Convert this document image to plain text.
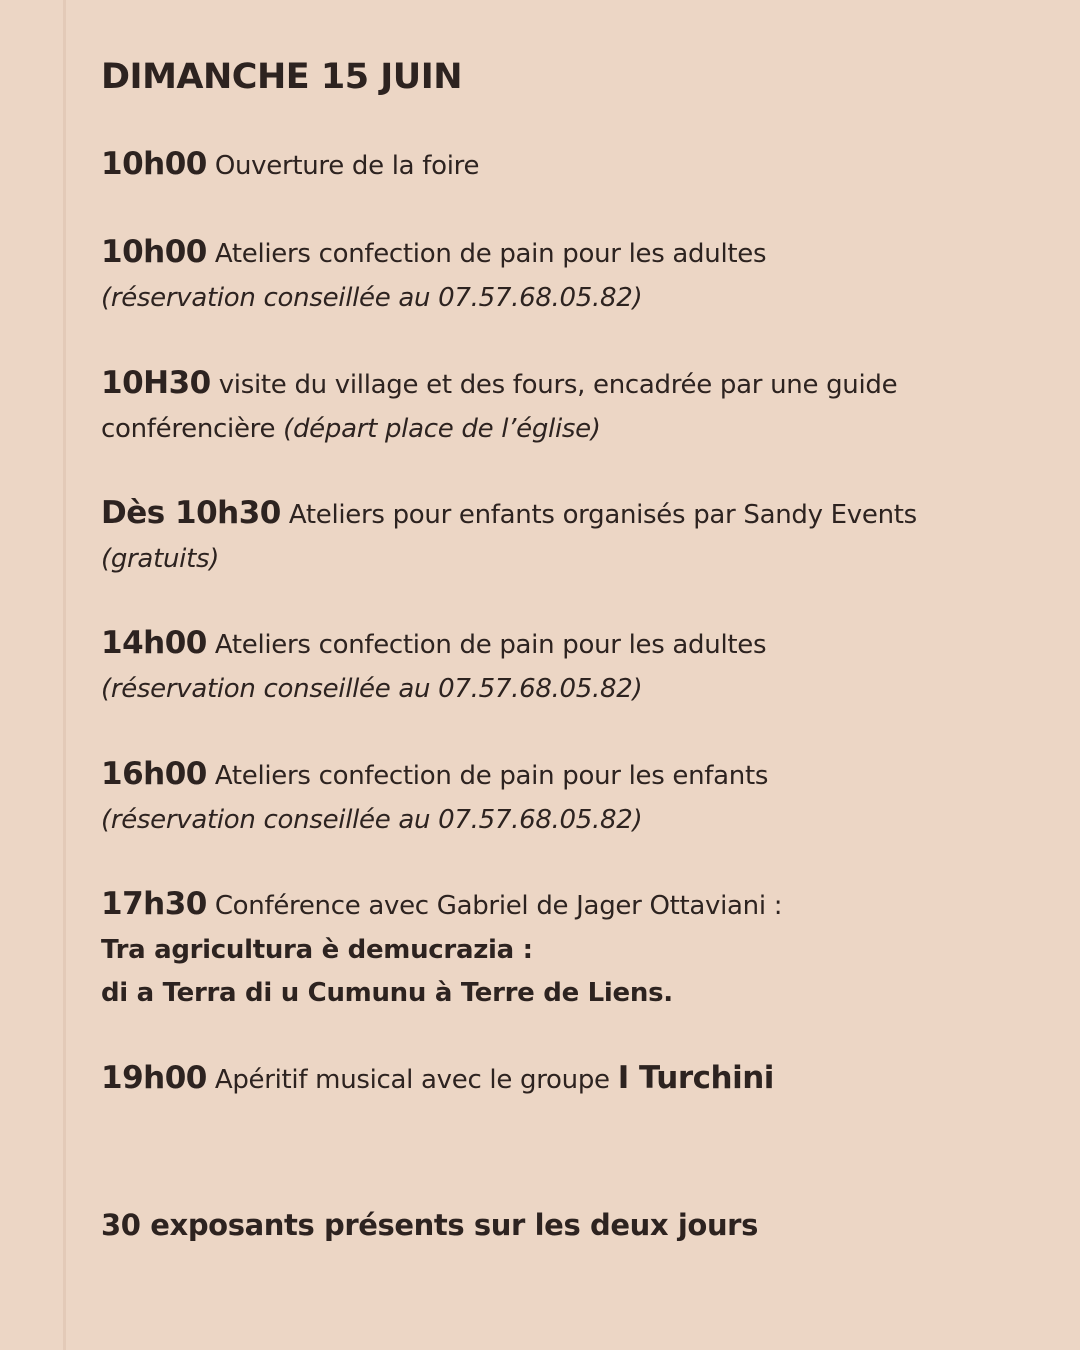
DIMANCHE 15 JUIN

10h00 Ouverture de la foire

10h00 Ateliers confection de pain pour les adultes
(réservation conseillée au 07.57.68.05.82)

10H30 visite du village et des fours, encadrée par une guide
conférencière (départ place de l’église)

Dès 10h30 Ateliers pour enfants organisés par Sandy Events
(gratuits)

14h00 Ateliers confection de pain pour les adultes
(réservation conseillée au 07.57.68.05.82)

16h00 Ateliers confection de pain pour les enfants
(réservation conseillée au 07.57.68.05.82)

17h30 Conférence avec Gabriel de Jager Ottaviani :
Tra agricultura è demucrazia :
di a Terra di u Cumunu à Terre de Liens.

19h00 Apéritif musical avec le groupe I Turchini

30 exposants présents sur les deux jours
